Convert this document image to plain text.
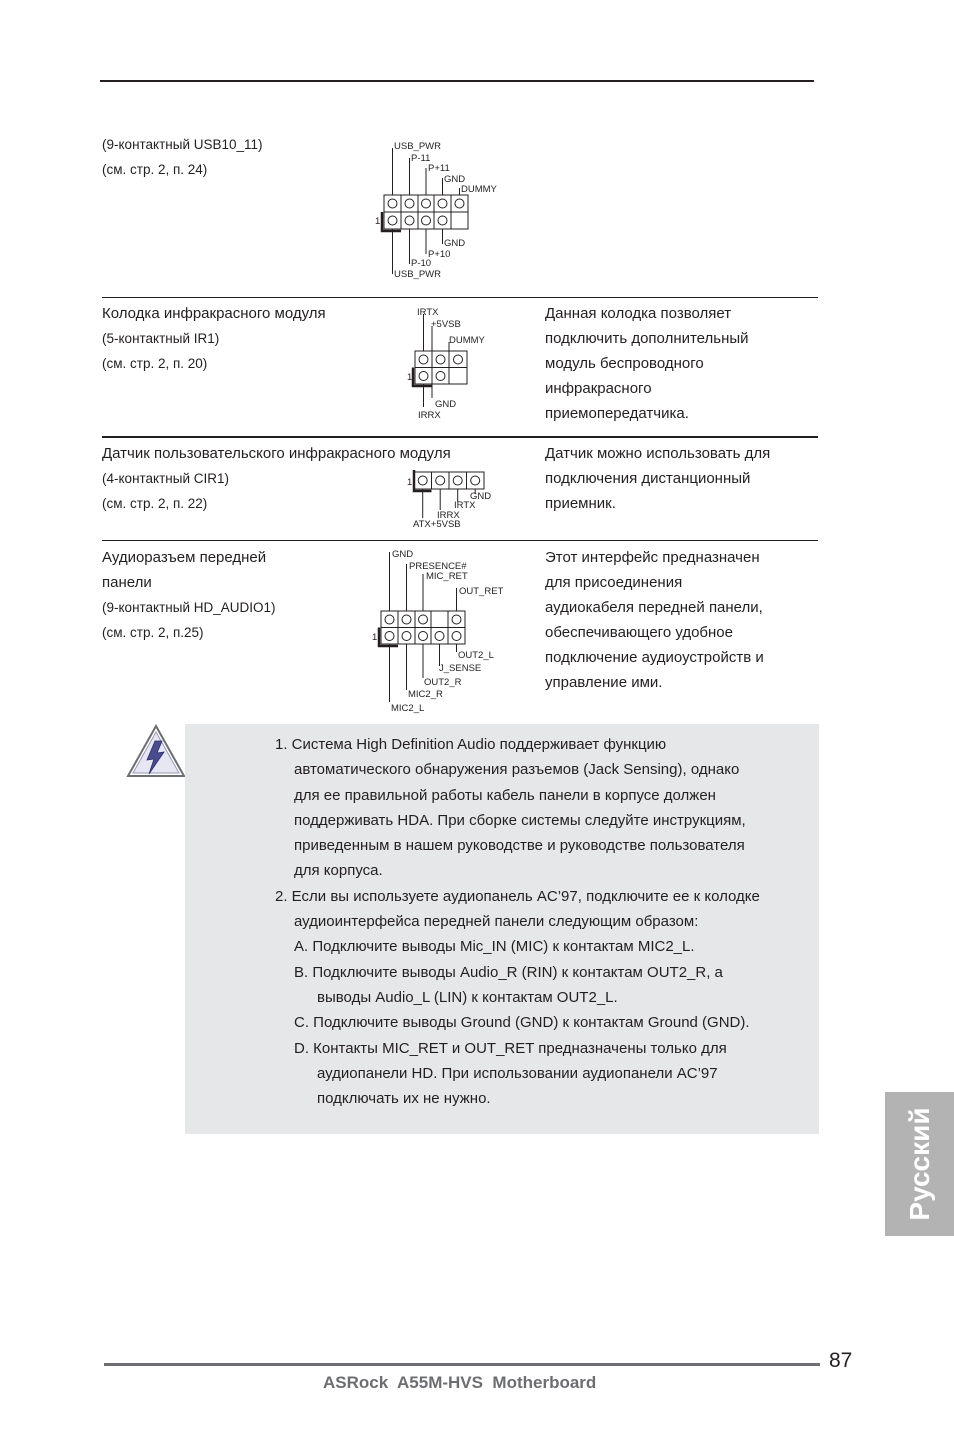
(9-контактный USB10_11)
(см. стр. 2, п. 24)
USB_PWR
P-11
P+11
GND
DUMMY
1
GND
P+10
P-10
USB_PWR
Колодка инфракрасного модуля
(5-контактный IR1)
(см. стр. 2, п. 20)
IRTX
+5VSB
DUMMY
1
GND
IRRX
Данная колодка позволяет
подключить дополнительный
модуль беспроводного
инфракрасного
приемопередатчика.
Датчик пользовательского инфракрасного модуля
(4-контактный CIR1)
(см. стр. 2, п. 22)
1
GND
IRTX
IRRX
ATX+5VSB
Датчик можно использовать для
подключения дистанционный
приемник.
Аудиоразъем передней
панели
(9-контактный HD_AUDIO1)
(см. стр. 2, п.25)
GND
PRESENCE#
MIC_RET
OUT_RET
1
OUT2_L
J_SENSE
OUT2_R
MIC2_R
MIC2_L
Этот интерфейс предназначен
для присоединения
аудиокабеля передней панели,
обеспечивающего удобное
подключение аудиоустройств и
управление ими.
1. Система High Definition Audio поддерживает функцию
автоматического обнаружения разъемов (Jack Sensing), однако
для ее правильной работы кабель панели в корпусе должен
поддерживать HDA. При сборке системы следуйте инструкциям,
приведенным в нашем руководстве и руководстве пользователя
для корпуса.
2. Если вы используете аудиопанель AC’97, подключите ее к колодке
аудиоинтерфейса передней панели следующим образом:
A. Подключите выводы Mic_IN (MIC) к контактам MIC2_L.
B. Подключите выводы Audio_R (RIN) к контактам OUT2_R, а
выводы Audio_L (LIN) к контактам OUT2_L.
C. Подключите выводы Ground (GND) к контактам Ground (GND).
D. Контакты MIC_RET и OUT_RET предназначены только для
аудиопанели HD. При использовании аудиопанели AC’97
подключать их не нужно.
Русский
87
ASRock  A55M-HVS  Motherboard
